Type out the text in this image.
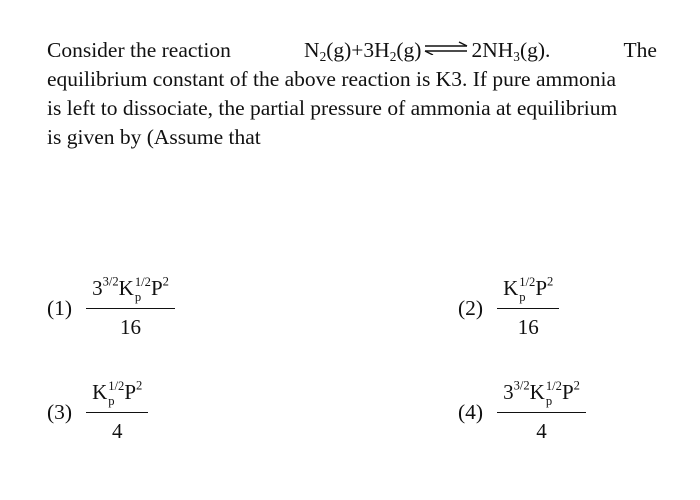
Consider the reaction	$N_2(g)+3H_2(g)$ ⇌ $2NH_3(g)$.	The
equilibrium constant of the above reaction is K3. If pure ammonia
is left to dissociate, the partial pressure of ammonia at equilibrium
is given by (Assume that
(1) $3^{3/2}$ K 1/2
p $P^2$
16	(2) K 1/2
p $P^2$
16
(3) K 1/2
p $P^2$
4	(4) $3^{3/2}$ K 1/2
p $P^2$
4
